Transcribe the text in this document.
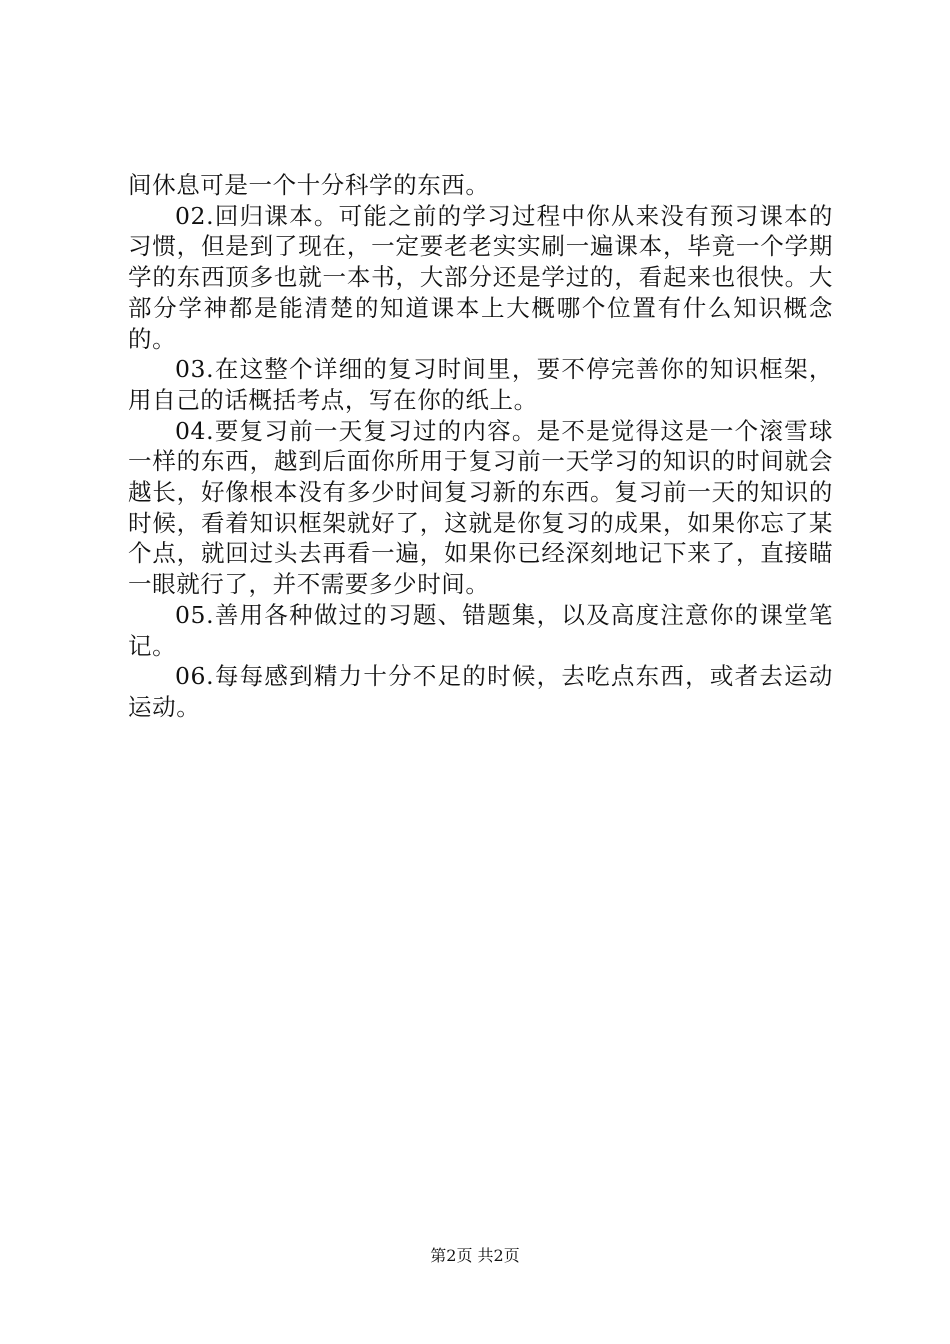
间休息可是一个十分科学的东西。

02.回归课本。可能之前的学习过程中你从来没有预习课本的习惯，但是到了现在，一定要老老实实刷一遍课本，毕竟一个学期学的东西顶多也就一本书，大部分还是学过的，看起来也很快。大部分学神都是能清楚的知道课本上大概哪个位置有什么知识概念的。

03.在这整个详细的复习时间里，要不停完善你的知识框架，用自己的话概括考点，写在你的纸上。

04.要复习前一天复习过的内容。是不是觉得这是一个滚雪球一样的东西，越到后面你所用于复习前一天学习的知识的时间就会越长，好像根本没有多少时间复习新的东西。复习前一天的知识的时候，看着知识框架就好了，这就是你复习的成果，如果你忘了某个点，就回过头去再看一遍，如果你已经深刻地记下来了，直接瞄一眼就行了，并不需要多少时间。

05.善用各种做过的习题、错题集，以及高度注意你的课堂笔记。

06.每每感到精力十分不足的时候，去吃点东西，或者去运动运动。

第2页 共2页
